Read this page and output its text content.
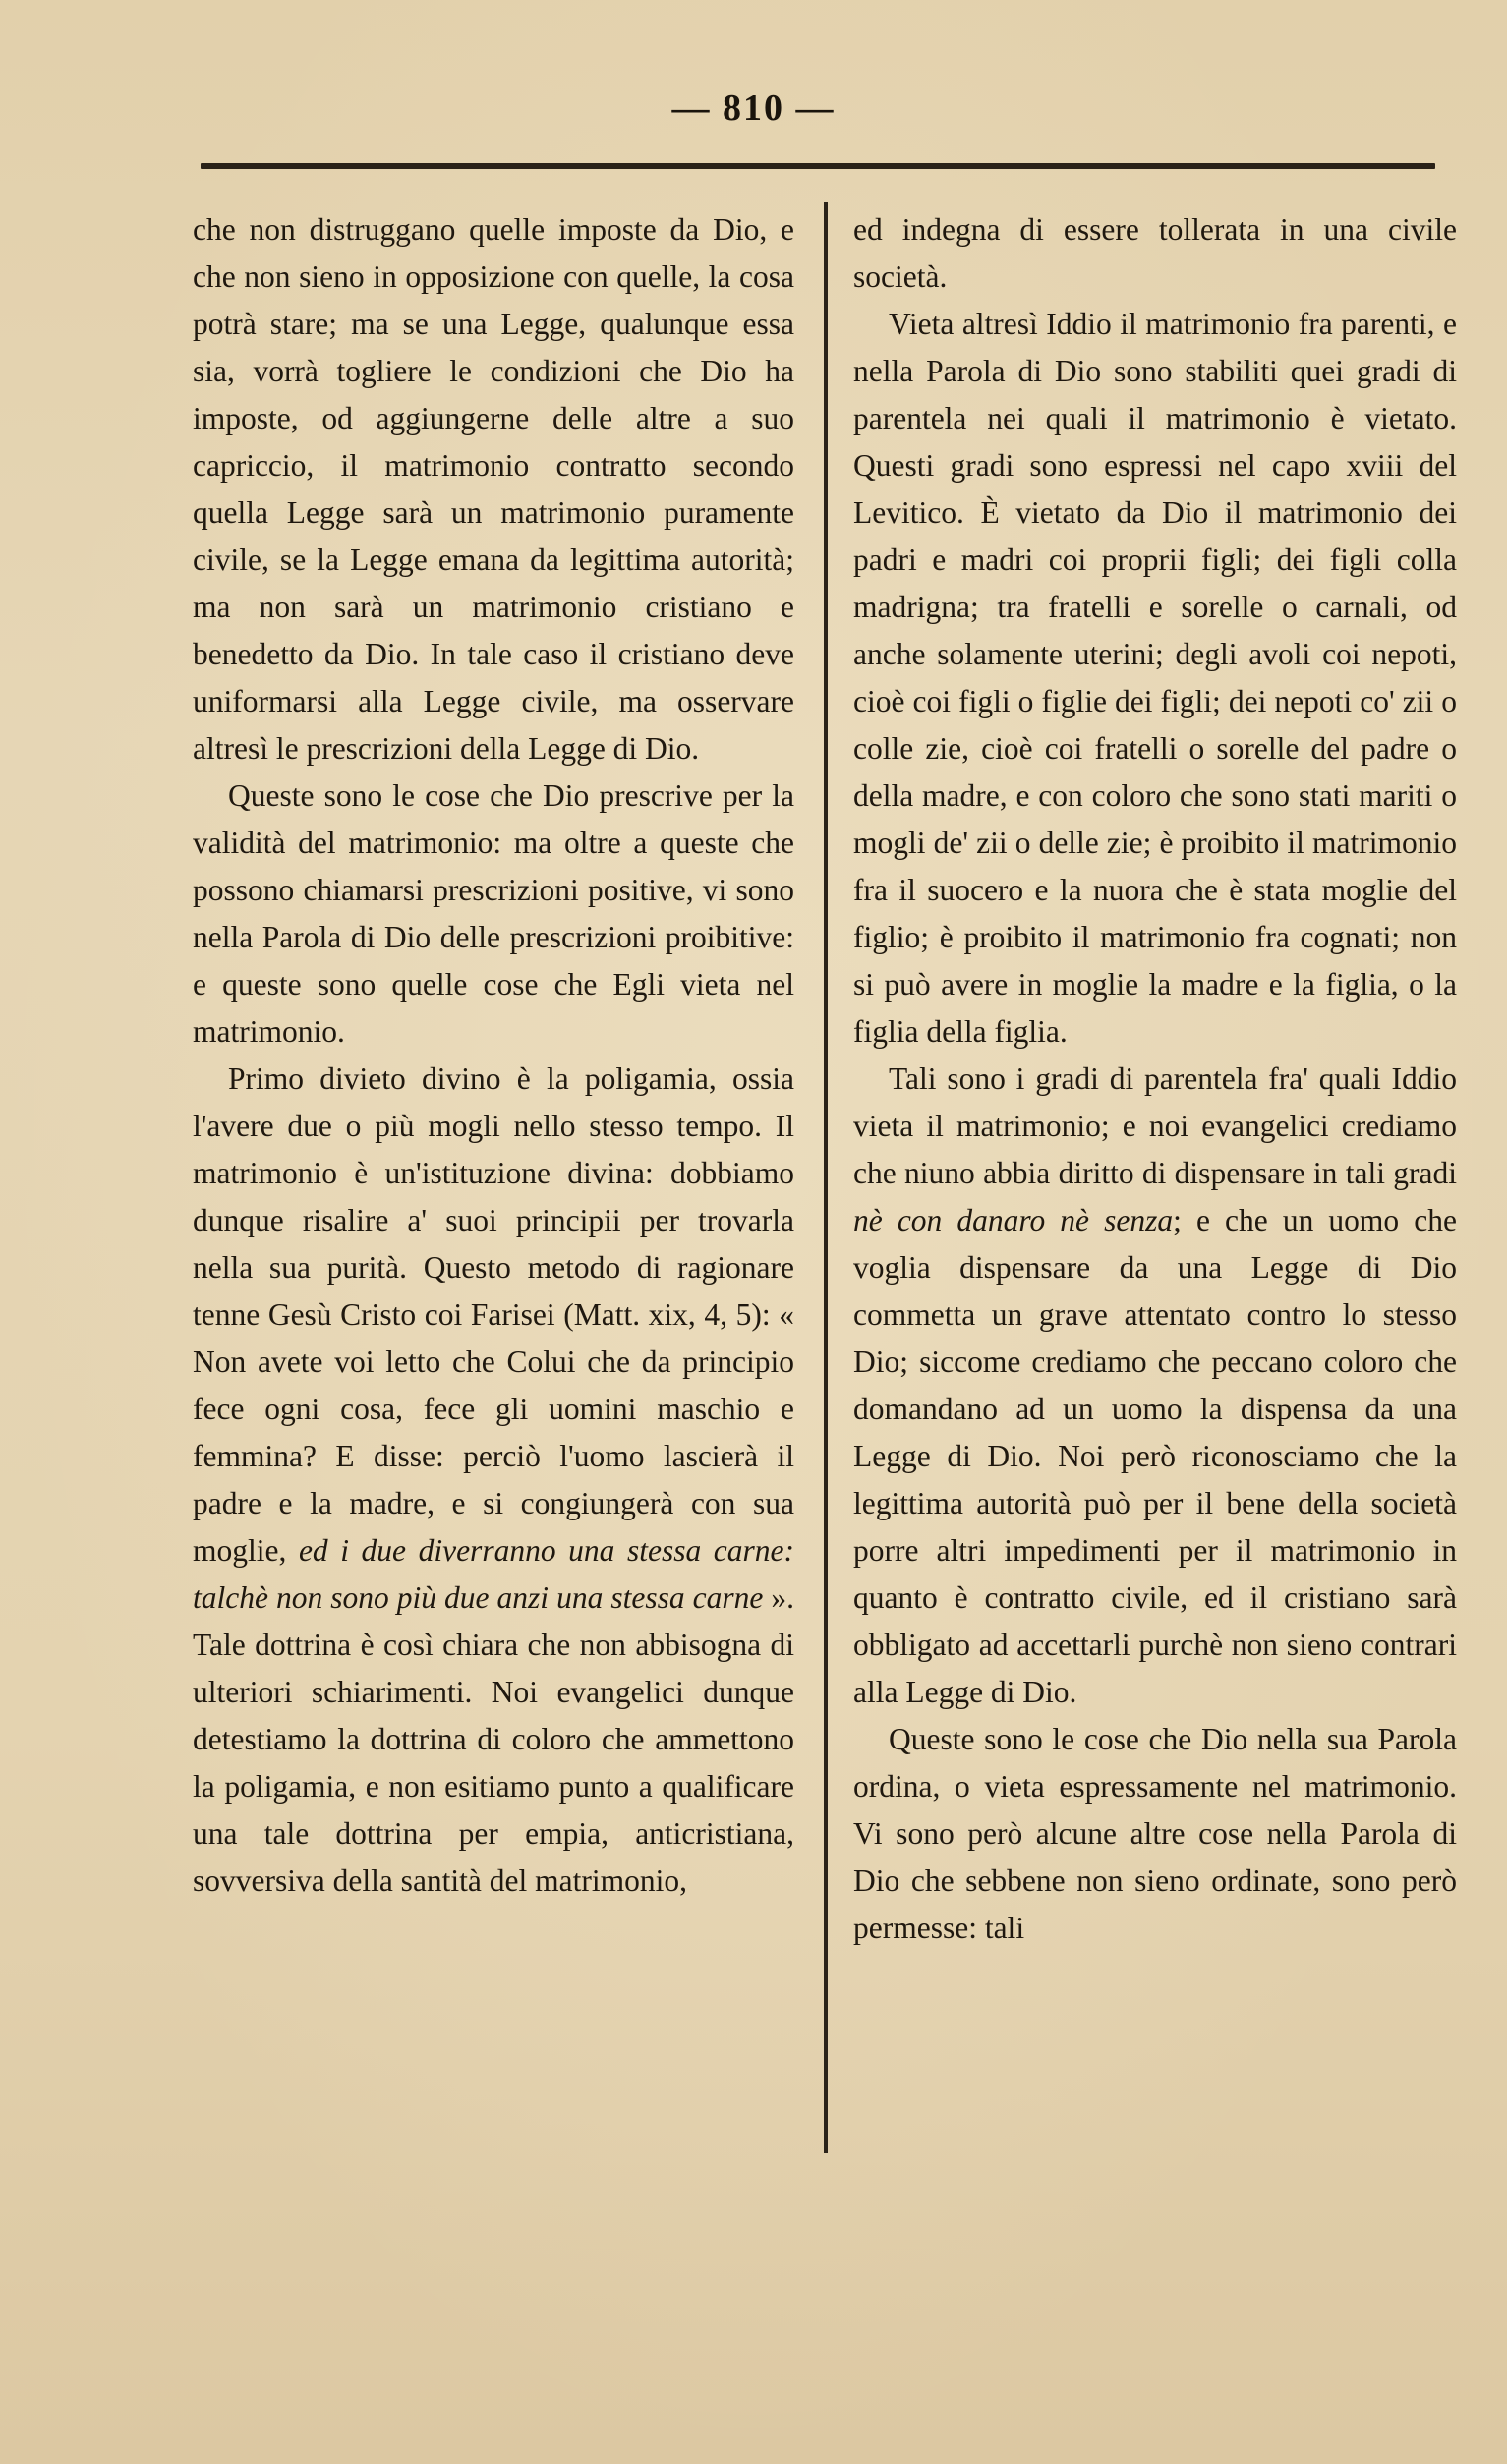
— 810 —

che non distruggano quelle imposte da Dio, e che non sieno in opposizione con quelle, la cosa potrà stare; ma se una Legge, qualunque essa sia, vorrà togliere le condizioni che Dio ha imposte, od aggiungerne delle altre a suo capriccio, il matrimonio contratto secondo quella Legge sarà un matrimonio puramente civile, se la Legge emana da legittima autorità; ma non sarà un matrimonio cristiano e benedetto da Dio. In tale caso il cristiano deve uniformarsi alla Legge civile, ma osservare altresì le prescrizioni della Legge di Dio.

Queste sono le cose che Dio prescrive per la validità del matrimonio: ma oltre a queste che possono chiamarsi prescrizioni positive, vi sono nella Parola di Dio delle prescrizioni proibitive: e queste sono quelle cose che Egli vieta nel matrimonio.

Primo divieto divino è la poligamia, ossia l'avere due o più mogli nello stesso tempo. Il matrimonio è un'istituzione divina: dobbiamo dunque risalire a' suoi principii per trovarla nella sua purità. Questo metodo di ragionare tenne Gesù Cristo coi Farisei (Matt. xix, 4, 5): « Non avete voi letto che Colui che da principio fece ogni cosa, fece gli uomini maschio e femmina? E disse: perciò l'uomo lascierà il padre e la madre, e si congiungerà con sua moglie, ed i due diverranno una stessa carne: talchè non sono più due anzi una stessa carne ». Tale dottrina è così chiara che non abbisogna di ulteriori schiarimenti. Noi evangelici dunque detestiamo la dottrina di coloro che ammettono la poligamia, e non esitiamo punto a qualificare una tale dottrina per empia, anticristiana, sovversiva della santità del matrimonio,

ed indegna di essere tollerata in una civile società.

Vieta altresì Iddio il matrimonio fra parenti, e nella Parola di Dio sono stabiliti quei gradi di parentela nei quali il matrimonio è vietato. Questi gradi sono espressi nel capo xviii del Levitico. È vietato da Dio il matrimonio dei padri e madri coi proprii figli; dei figli colla madrigna; tra fratelli e sorelle o carnali, od anche solamente uterini; degli avoli coi nepoti, cioè coi figli o figlie dei figli; dei nepoti co' zii o colle zie, cioè coi fratelli o sorelle del padre o della madre, e con coloro che sono stati mariti o mogli de' zii o delle zie; è proibito il matrimonio fra il suocero e la nuora che è stata moglie del figlio; è proibito il matrimonio fra cognati; non si può avere in moglie la madre e la figlia, o la figlia della figlia.

Tali sono i gradi di parentela fra' quali Iddio vieta il matrimonio; e noi evangelici crediamo che niuno abbia diritto di dispensare in tali gradi nè con danaro nè senza; e che un uomo che voglia dispensare da una Legge di Dio commetta un grave attentato contro lo stesso Dio; siccome crediamo che peccano coloro che domandano ad un uomo la dispensa da una Legge di Dio. Noi però riconosciamo che la legittima autorità può per il bene della società porre altri impedimenti per il matrimonio in quanto è contratto civile, ed il cristiano sarà obbligato ad accettarli purchè non sieno contrari alla Legge di Dio.

Queste sono le cose che Dio nella sua Parola ordina, o vieta espressamente nel matrimonio. Vi sono però alcune altre cose nella Parola di Dio che sebbene non sieno ordinate, sono però permesse: tali
